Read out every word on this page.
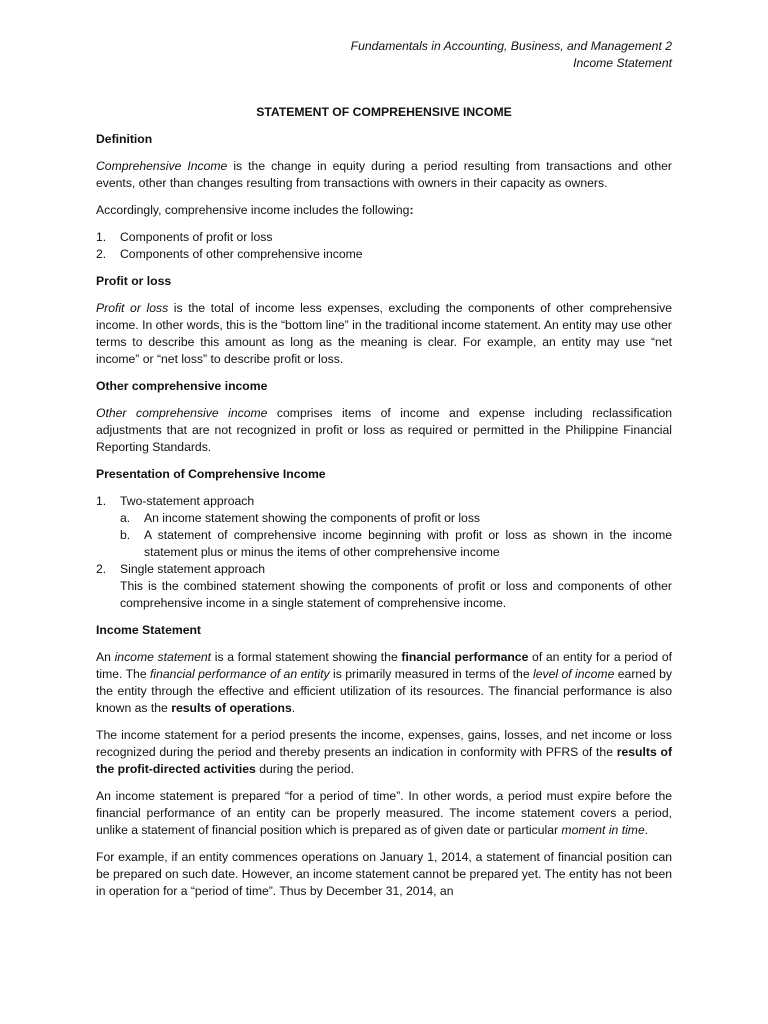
Fundamentals in Accounting, Business, and Management 2
Income Statement
STATEMENT OF COMPREHENSIVE INCOME
Definition
Comprehensive Income is the change in equity during a period resulting from transactions and other events, other than changes resulting from transactions with owners in their capacity as owners.
Accordingly, comprehensive income includes the following:
1. Components of profit or loss
2. Components of other comprehensive income
Profit or loss
Profit or loss is the total of income less expenses, excluding the components of other comprehensive income. In other words, this is the “bottom line” in the traditional income statement. An entity may use other terms to describe this amount as long as the meaning is clear. For example, an entity may use “net income” or “net loss” to describe profit or loss.
Other comprehensive income
Other comprehensive income comprises items of income and expense including reclassification adjustments that are not recognized in profit or loss as required or permitted in the Philippine Financial Reporting Standards.
Presentation of Comprehensive Income
1. Two-statement approach
a. An income statement showing the components of profit or loss
b. A statement of comprehensive income beginning with profit or loss as shown in the income statement plus or minus the items of other comprehensive income
2. Single statement approach
This is the combined statement showing the components of profit or loss and components of other comprehensive income in a single statement of comprehensive income.
Income Statement
An income statement is a formal statement showing the financial performance of an entity for a period of time. The financial performance of an entity is primarily measured in terms of the level of income earned by the entity through the effective and efficient utilization of its resources. The financial performance is also known as the results of operations.
The income statement for a period presents the income, expenses, gains, losses, and net income or loss recognized during the period and thereby presents an indication in conformity with PFRS of the results of the profit-directed activities during the period.
An income statement is prepared “for a period of time”. In other words, a period must expire before the financial performance of an entity can be properly measured. The income statement covers a period, unlike a statement of financial position which is prepared as of given date or particular moment in time.
For example, if an entity commences operations on January 1, 2014, a statement of financial position can be prepared on such date. However, an income statement cannot be prepared yet. The entity has not been in operation for a “period of time”. Thus by December 31, 2014, an
